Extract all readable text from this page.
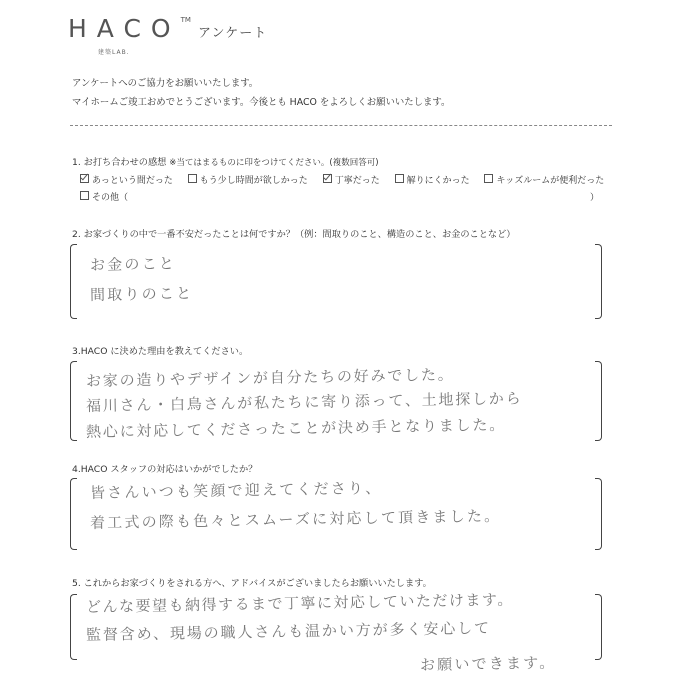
HACO™ アンケート
建築LAB.
アンケートへのご協力をお願いいたします。
マイホームご竣工おめでとうございます。今後とも HACO をよろしくお願いいたします。
1. お打ち合わせの感想 ※当てはまるものに印をつけてください。(複数回答可)
あっという間だった	もう少し時間が欲しかった	丁寧だった	解りにくかった	キッズルームが便利だった
その他（	）
2. お家づくりの中で一番不安だったことは何ですか？（例：間取りのこと、構造のこと、お金のことなど）
お金のこと
間取りのこと
3.HACO に決めた理由を教えてください。
お家の造りやデザインが自分たちの好みでした。
福川さん・白鳥さんが私たちに寄り添って、土地探しから
熱心に対応してくださったことが決め手となりました。
4.HACO スタッフの対応はいかがでしたか？
皆さんいつも笑顔で迎えてくださり、
着工式の際も色々とスムーズに対応して頂きました。
5. これからお家づくりをされる方へ、アドバイスがございましたらお願いいたします。
どんな要望も納得するまで丁寧に対応していただけます。
監督含め、現場の職人さんも温かい方が多く安心して
お願いできます。
